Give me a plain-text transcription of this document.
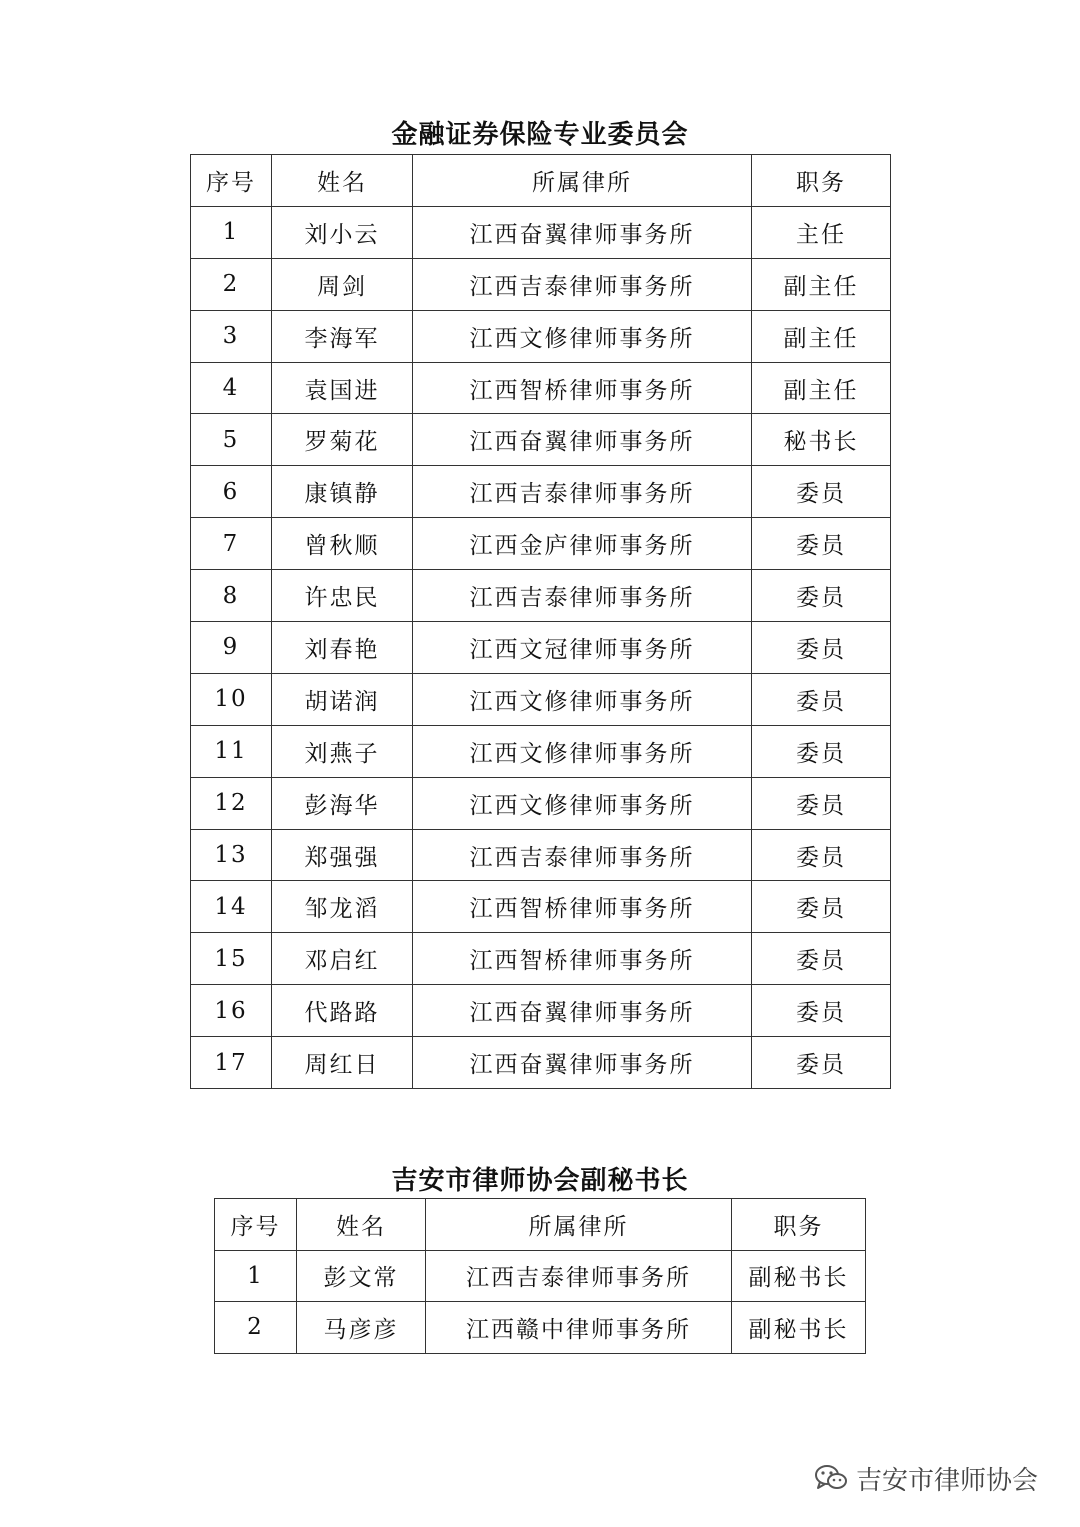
金融证券保险专业委员会
序号	姓名	所属律所	职务
1	刘小云	江西奋翼律师事务所	主任
2	周剑	江西吉泰律师事务所	副主任
3	李海军	江西文修律师事务所	副主任
4	袁国进	江西智桥律师事务所	副主任
5	罗菊花	江西奋翼律师事务所	秘书长
6	康镇静	江西吉泰律师事务所	委员
7	曾秋顺	江西金庐律师事务所	委员
8	许忠民	江西吉泰律师事务所	委员
9	刘春艳	江西文冠律师事务所	委员
10	胡诺润	江西文修律师事务所	委员
11	刘燕子	江西文修律师事务所	委员
12	彭海华	江西文修律师事务所	委员
13	郑强强	江西吉泰律师事务所	委员
14	邹龙滔	江西智桥律师事务所	委员
15	邓启红	江西智桥律师事务所	委员
16	代路路	江西奋翼律师事务所	委员
17	周红日	江西奋翼律师事务所	委员
吉安市律师协会副秘书长
序号	姓名	所属律所	职务
1	彭文常	江西吉泰律师事务所	副秘书长
2	马彦彦	江西赣中律师事务所	副秘书长
吉安市律师协会
